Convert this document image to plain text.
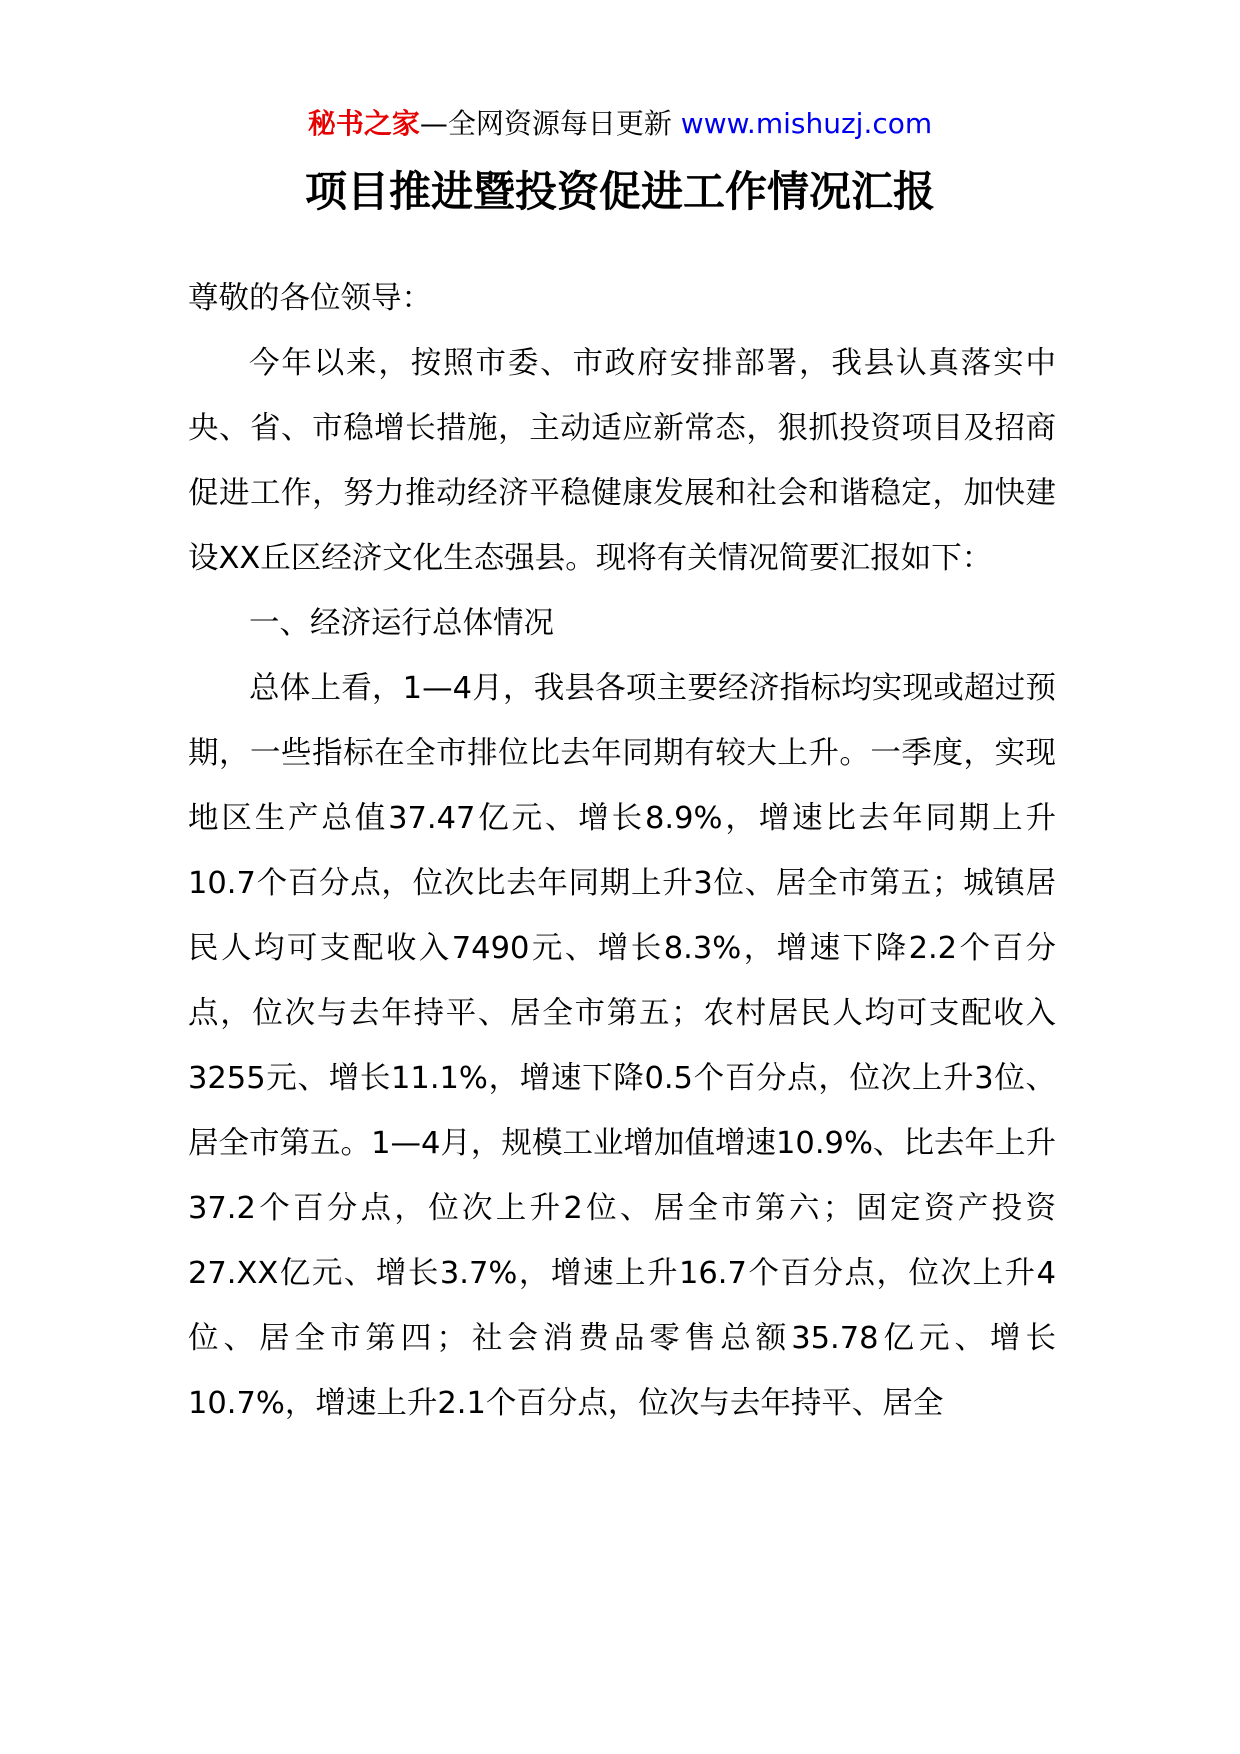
秘书之家—全网资源每日更新 www.mishuzj.com
项目推进暨投资促进工作情况汇报

尊敬的各位领导：

今年以来，按照市委、市政府安排部署，我县认真落实中央、省、市稳增长措施，主动适应新常态，狠抓投资项目及招商促进工作，努力推动经济平稳健康发展和社会和谐稳定，加快建设XX丘区经济文化生态强县。现将有关情况简要汇报如下：

一、经济运行总体情况

总体上看，1—4月，我县各项主要经济指标均实现或超过预期，一些指标在全市排位比去年同期有较大上升。一季度，实现地区生产总值37.47亿元、增长8.9%，增速比去年同期上升10.7个百分点，位次比去年同期上升3位、居全市第五；城镇居民人均可支配收入7490元、增长8.3%，增速下降2.2个百分点，位次与去年持平、居全市第五；农村居民人均可支配收入3255元、增长11.1%，增速下降0.5个百分点，位次上升3位、居全市第五。1—4月，规模工业增加值增速10.9%、比去年上升37.2个百分点，位次上升2位、居全市第六；固定资产投资27.XX亿元、增长3.7%，增速上升16.7个百分点，位次上升4位、居全市第四；社会消费品零售总额35.78亿元、增长10.7%，增速上升2.1个百分点，位次与去年持平、居全
